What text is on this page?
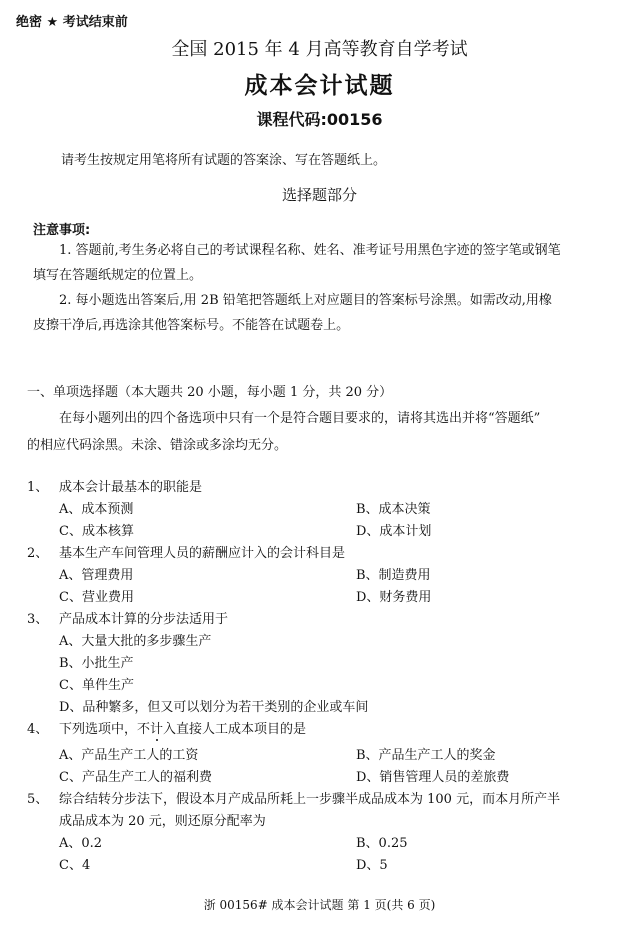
绝密 ★ 考试结束前
全国 2015 年 4 月高等教育自学考试
成本会计试题
课程代码:00156
请考生按规定用笔将所有试题的答案涂、写在答题纸上。
选择题部分
注意事项:
1. 答题前,考生务必将自己的考试课程名称、姓名、准考证号用黑色字迹的签字笔或钢笔
填写在答题纸规定的位置上。
2. 每小题选出答案后,用 2B 铅笔把答题纸上对应题目的答案标号涂黑。如需改动,用橡
皮擦干净后,再选涂其他答案标号。不能答在试题卷上。
一、单项选择题（本大题共 20 小题，每小题 1 分，共 20 分）
在每小题列出的四个备选项中只有一个是符合题目要求的，请将其选出并将“答题纸”
的相应代码涂黑。未涂、错涂或多涂均无分。
1、 成本会计最基本的职能是
A、成本预测	B、成本决策
C、成本核算	D、成本计划
2、 基本生产车间管理人员的薪酬应计入的会计科目是
A、管理费用	B、制造费用
C、营业费用	D、财务费用
3、 产品成本计算的分步法适用于
A、大量大批的多步骤生产
B、小批生产
C、单件生产
D、品种繁多，但又可以划分为若干类别的企业或车间
4、 下列选项中，不计入直接人工成本项目的是
A、产品生产工人的工资	B、产品生产工人的奖金
C、产品生产工人的福利费	D、销售管理人员的差旅费
5、 综合结转分步法下，假设本月产成品所耗上一步骤半成品成本为 100 元，而本月所产半
成品成本为 20 元，则还原分配率为
A、0.2	B、0.25
C、4	D、5
浙 00156# 成本会计试题 第 1 页(共 6 页)
